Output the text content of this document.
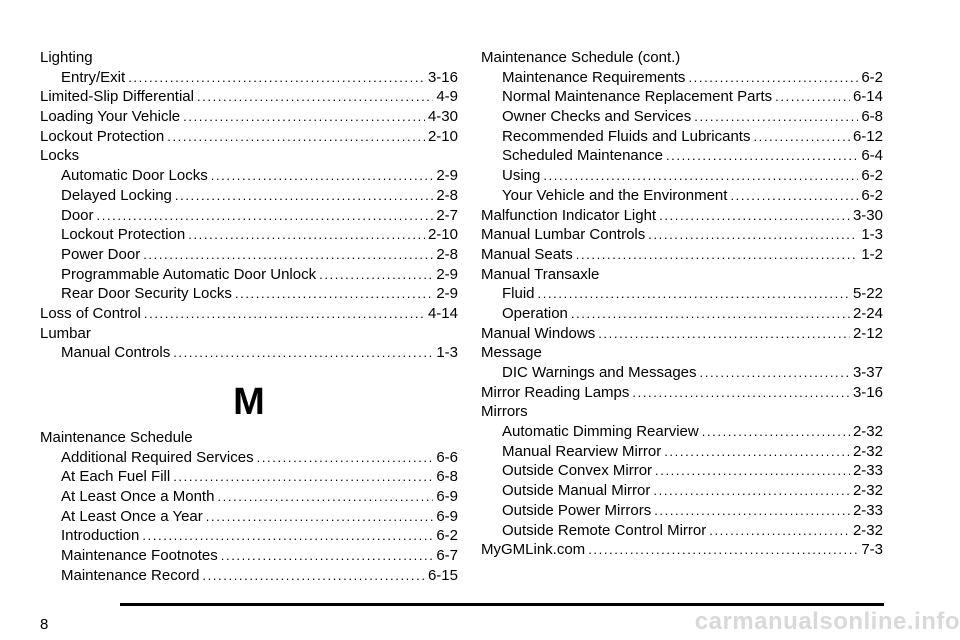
Lighting
Entry/Exit .....	3-16
Limited-Slip Differential .....	4-9
Loading Your Vehicle .....	4-30
Lockout Protection .....	2-10
Locks
Automatic Door Locks .....	2-9
Delayed Locking .....	2-8
Door .....	2-7
Lockout Protection .....	2-10
Power Door .....	2-8
Programmable Automatic Door Unlock .....	2-9
Rear Door Security Locks .....	2-9
Loss of Control .....	4-14
Lumbar
Manual Controls .....	1-3
M
Maintenance Schedule
Additional Required Services .....	6-6
At Each Fuel Fill .....	6-8
At Least Once a Month .....	6-9
At Least Once a Year .....	6-9
Introduction .....	6-2
Maintenance Footnotes .....	6-7
Maintenance Record .....	6-15
Maintenance Schedule (cont.)
Maintenance Requirements .....	6-2
Normal Maintenance Replacement Parts .....	6-14
Owner Checks and Services .....	6-8
Recommended Fluids and Lubricants .....	6-12
Scheduled Maintenance .....	6-4
Using .....	6-2
Your Vehicle and the Environment .....	6-2
Malfunction Indicator Light .....	3-30
Manual Lumbar Controls .....	1-3
Manual Seats .....	1-2
Manual Transaxle
Fluid .....	5-22
Operation .....	2-24
Manual Windows .....	2-12
Message
DIC Warnings and Messages .....	3-37
Mirror Reading Lamps .....	3-16
Mirrors
Automatic Dimming Rearview .....	2-32
Manual Rearview Mirror .....	2-32
Outside Convex Mirror .....	2-33
Outside Manual Mirror .....	2-32
Outside Power Mirrors .....	2-33
Outside Remote Control Mirror .....	2-32
MyGMLink.com .....	7-3
8	carmanualsonline.info
